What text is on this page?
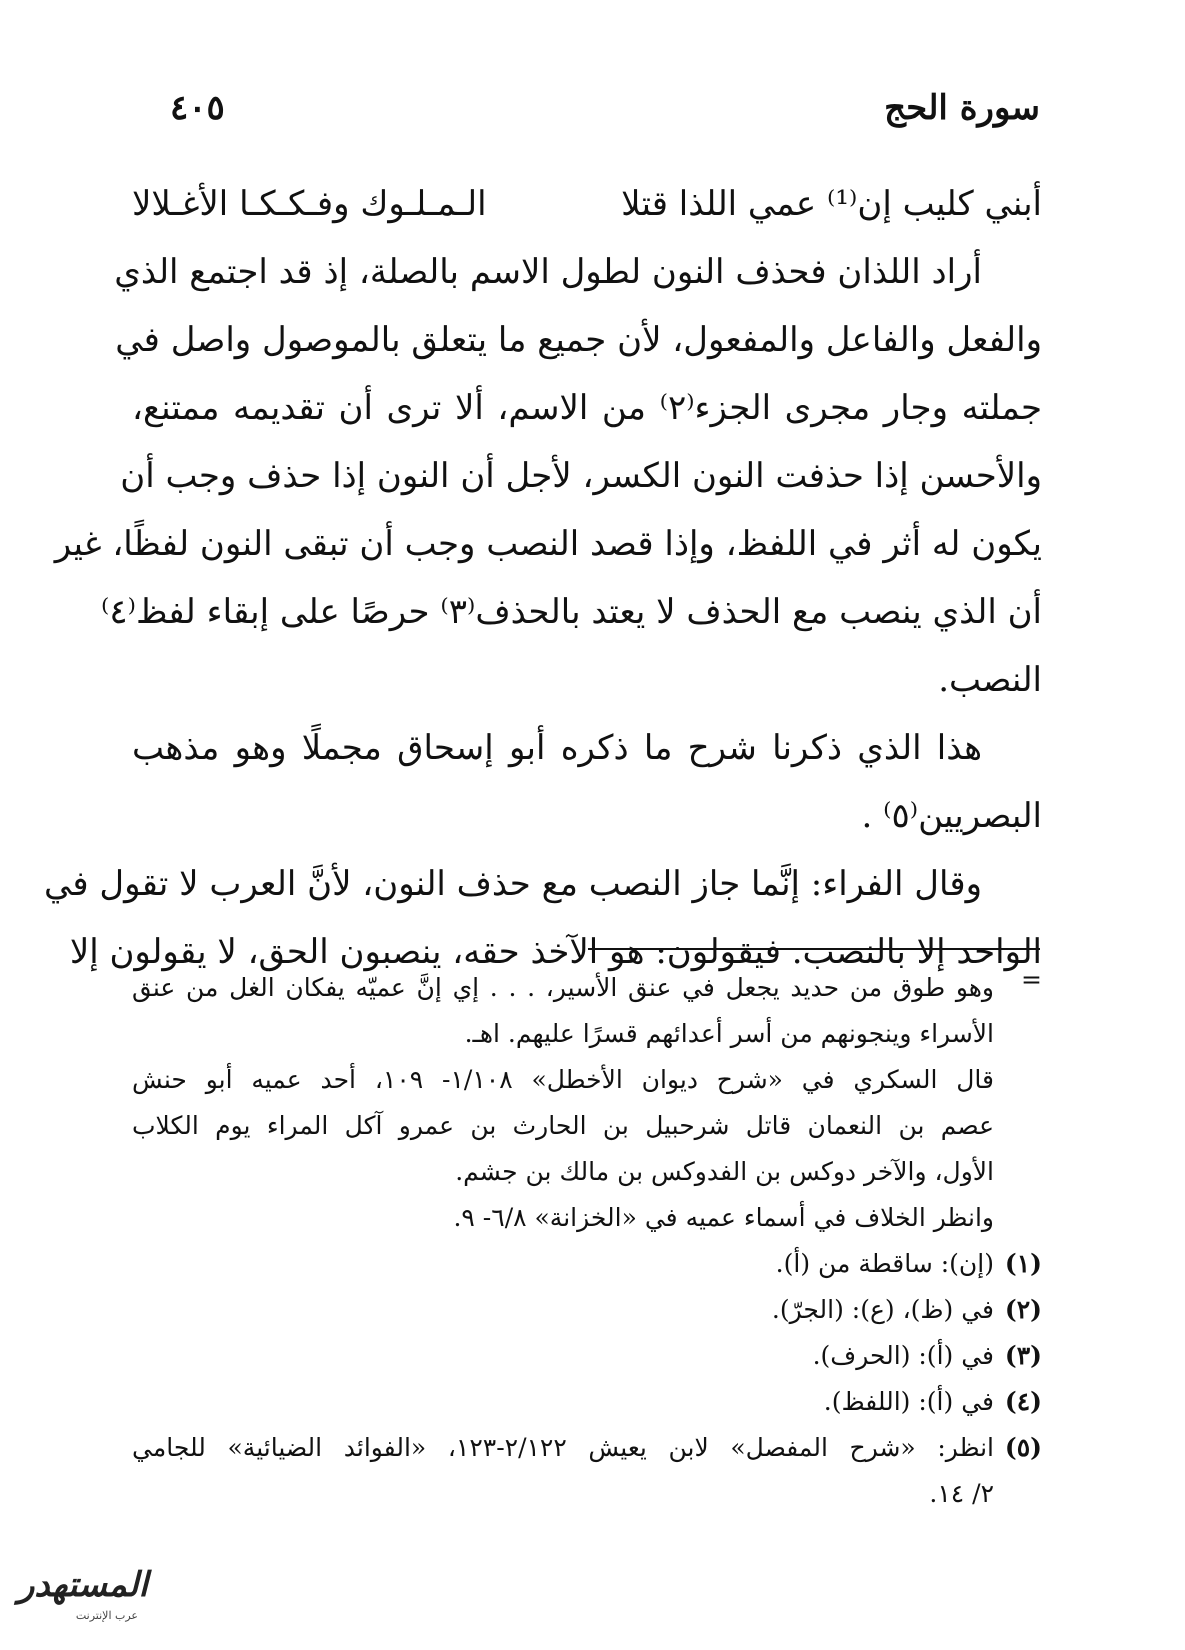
سورة الحج
٤٠٥
أبني كليب إن⁽¹⁾ عمي اللذا قتلا
الـمـلـوك وفـكـكـا الأغـلالا
أراد اللذان فحذف النون لطول الاسم بالصلة، إذ قد اجتمع الذي
والفعل والفاعل والمفعول، لأن جميع ما يتعلق بالموصول واصل في
جملته وجار مجرى الجزء⁽٢⁾ من الاسم، ألا ترى أن تقديمه ممتنع،
والأحسن إذا حذفت النون الكسر، لأجل أن النون إذا حذف وجب أن
يكون له أثر في اللفظ، وإذا قصد النصب وجب أن تبقى النون لفظًا، غير
أن الذي ينصب مع الحذف لا يعتد بالحذف⁽٣⁾ حرصًا على إبقاء لفظ⁽٤⁾
النصب.
هذا الذي ذكرنا شرح ما ذكره أبو إسحاق مجملًا وهو مذهب
البصريين⁽٥⁾ .
وقال الفراء: إنَّما جاز النصب مع حذف النون، لأنَّ العرب لا تقول في
الواحد إلا بالنصب. فيقولون: هو الآخذ حقه، ينصبون الحق، لا يقولون إلا
=
وهو طوق من حديد يجعل في عنق الأسير، . . . إي إنَّ عميّه يفكان الغل من عنق
الأسراء وينجونهم من أسر أعدائهم قسرًا عليهم. اهـ.
قال السكري في «شرح ديوان الأخطل» ١/١٠٨- ١٠٩، أحد عميه أبو حنش
عصم بن النعمان قاتل شرحبيل بن الحارث بن عمرو آكل المراء يوم الكلاب
الأول، والآخر دوكس بن الفدوكس بن مالك بن جشم.
وانظر الخلاف في أسماء عميه في «الخزانة» ٦/٨- ٩.
(١)(إن): ساقطة من (أ).
(٢)في (ظ)، (ع): (الجرّ).
(٣)في (أ): (الحرف).
(٤)في (أ): (اللفظ).
(٥)انظر: «شرح المفصل» لابن يعيش ٢/١٢٢-١٢٣، «الفوائد الضيائية» للجامي
٢/ ١٤.
المستهدر
عرب الإنترنت
